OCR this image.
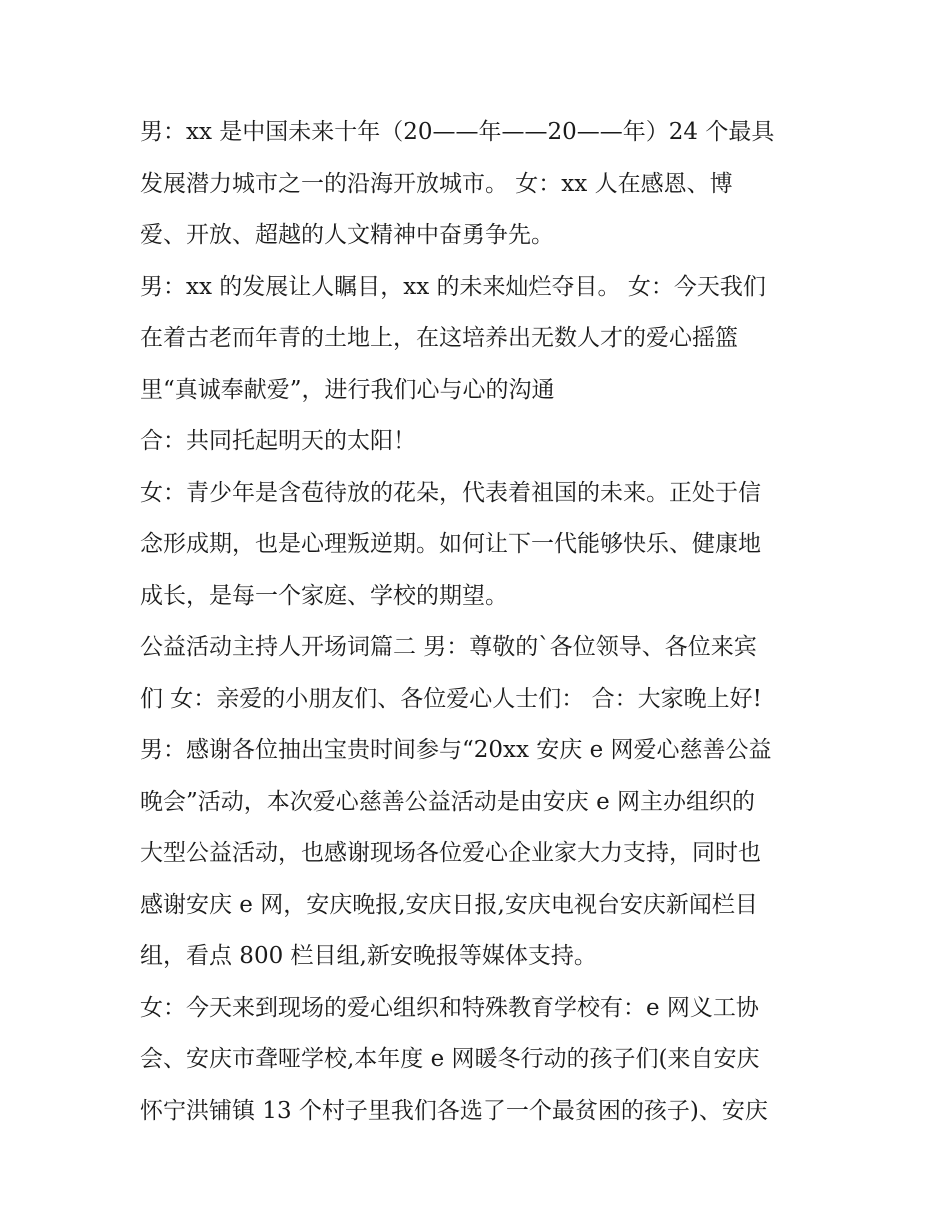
男：xx 是中国未来十年（20——年——20——年）24 个最具
发展潜力城市之一的沿海开放城市。 女：xx 人在感恩、博
爱、开放、超越的人文精神中奋勇争先。
男：xx 的发展让人瞩目，xx 的未来灿烂夺目。 女：今天我们
在着古老而年青的土地上，在这培养出无数人才的爱心摇篮
里“真诚奉献爱”，进行我们心与心的沟通
合：共同托起明天的太阳！
女：青少年是含苞待放的花朵，代表着祖国的未来。正处于信
念形成期，也是心理叛逆期。如何让下一代能够快乐、健康地
成长，是每一个家庭、学校的期望。
公益活动主持人开场词篇二 男：尊敬的`各位领导、各位来宾
们 女：亲爱的小朋友们、各位爱心人士们： 合：大家晚上好!
男：感谢各位抽出宝贵时间参与“20xx 安庆 e 网爱心慈善公益
晚会”活动，本次爱心慈善公益活动是由安庆 e 网主办组织的
大型公益活动，也感谢现场各位爱心企业家大力支持，同时也
感谢安庆 e 网，安庆晚报,安庆日报,安庆电视台安庆新闻栏目
组，看点 800 栏目组,新安晚报等媒体支持。
女：今天来到现场的爱心组织和特殊教育学校有：e 网义工协
会、安庆市聋哑学校,本年度 e 网暖冬行动的孩子们(来自安庆
怀宁洪铺镇 13 个村子里我们各选了一个最贫困的孩子)、安庆
